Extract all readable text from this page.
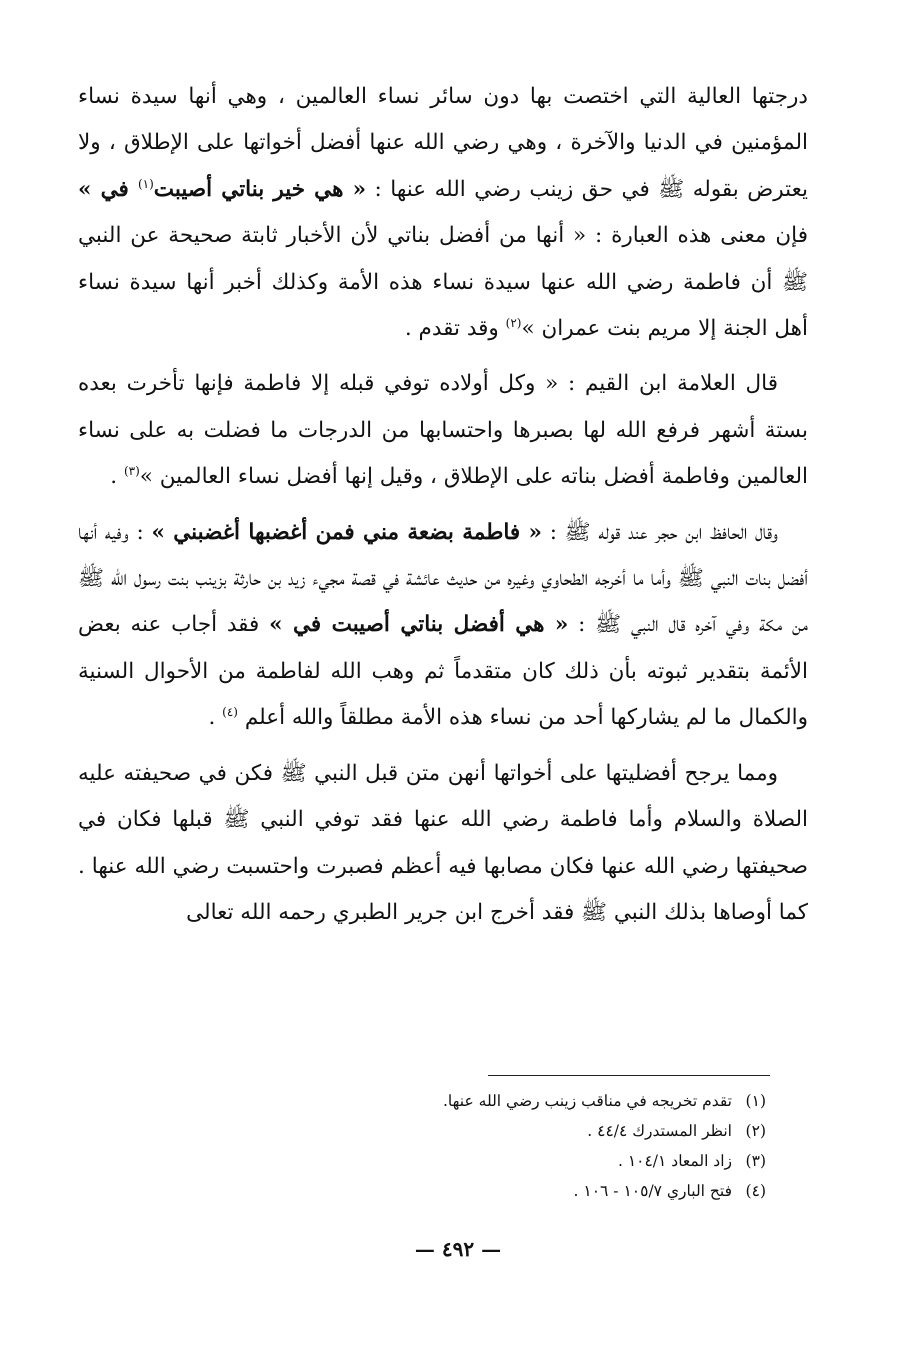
درجتها العالية التي اختصت بها دون سائر نساء العالمين ، وهي أنها سيدة نساء المؤمنين في الدنيا والآخرة ، وهي رضي الله عنها أفضل أخواتها على الإطلاق ، ولا يعترض بقوله ﷺ في حق زينب رضي الله عنها : « هي خير بناتي أصيبت$^{(١)}$ في » فإن معنى هذه العبارة : « أنها من أفضل بناتي لأن الأخبار ثابتة صحيحة عن النبي ﷺ أن فاطمة رضي الله عنها سيدة نساء هذه الأمة وكذلك أخبر أنها سيدة نساء أهل الجنة إلا مريم بنت عمران »$^{(٢)}$ وقد تقدم .

قال العلامة ابن القيم : « وكل أولاده توفي قبله إلا فاطمة فإنها تأخرت بعده بستة أشهر فرفع الله لها بصبرها واحتسابها من الدرجات ما فضلت به على نساء العالمين وفاطمة أفضل بناته على الإطلاق ، وقيل إنها أفضل نساء العالمين »$^{(٣)}$ .

وقال الحافظ ابن حجر عند قوله ﷺ : « فاطمة بضعة مني فمن أغضبها أغضبني » : وفيه أنها أفضل بنات النبي ﷺ وأما ما أخرجه الطحاوي وغيره من حديث عائشة في قصة مجيء زيد بن حارثة بزينب بنت رسول الله ﷺ من مكة وفي آخره قال النبي ﷺ : « هي أفضل بناتي أصيبت في » فقد أجاب عنه بعض الأئمة بتقدير ثبوته بأن ذلك كان متقدماً ثم وهب الله لفاطمة من الأحوال السنية والكمال ما لم يشاركها أحد من نساء هذه الأمة مطلقاً والله أعلم $^{(٤)}$ .

ومما يرجح أفضليتها على أخواتها أنهن متن قبل النبي ﷺ فكن في صحيفته عليه الصلاة والسلام وأما فاطمة رضي الله عنها فقد توفي النبي ﷺ قبلها فكان في صحيفتها رضي الله عنها فكان مصابها فيه أعظم فصبرت واحتسبت رضي الله عنها . كما أوصاها بذلك النبي ﷺ فقد أخرج ابن جرير الطبري رحمه الله تعالى

(١)تقدم تخريجه في مناقب زينب رضي الله عنها.
(٢)انظر المستدرك ٤٤/٤ .
(٣)زاد المعاد ١٠٤/١ .
(٤)فتح الباري ١٠٥/٧ - ١٠٦ .
— ٤٩٢ —
